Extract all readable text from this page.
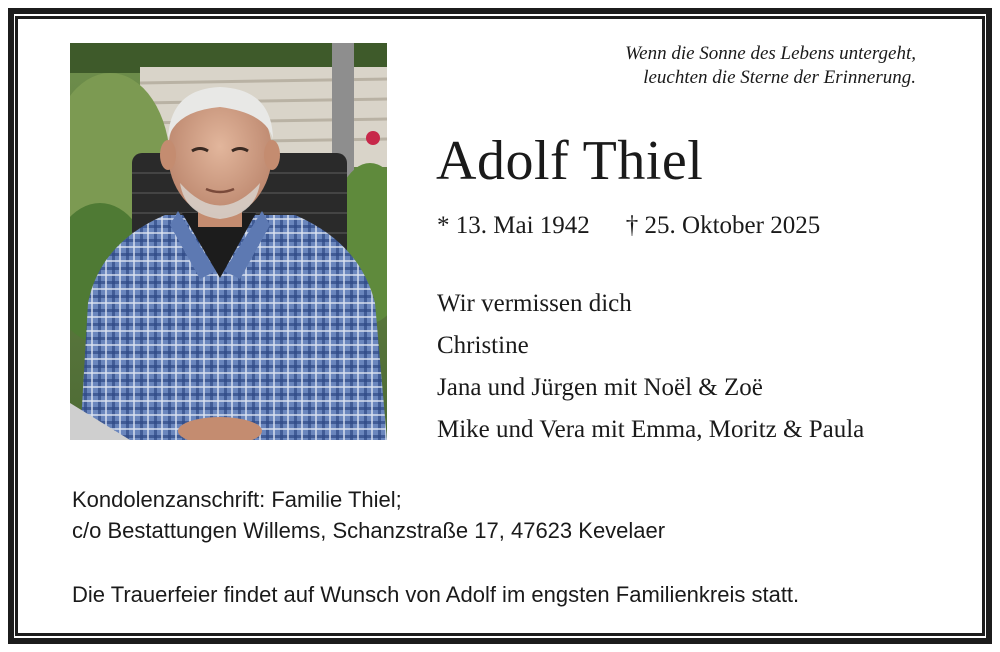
Wenn die Sonne des Lebens untergeht,
leuchten die Sterne der Erinnerung.
Adolf Thiel
* 13. Mai 1942 † 25. Oktober 2025
Wir vermissen dich
Christine
Jana und Jürgen mit Noël & Zoë
Mike und Vera mit Emma, Moritz & Paula
Kondolenzanschrift: Familie Thiel;
c/o Bestattungen Willems, Schanzstraße 17, 47623 Kevelaer
Die Trauerfeier findet auf Wunsch von Adolf im engsten Familienkreis statt.
